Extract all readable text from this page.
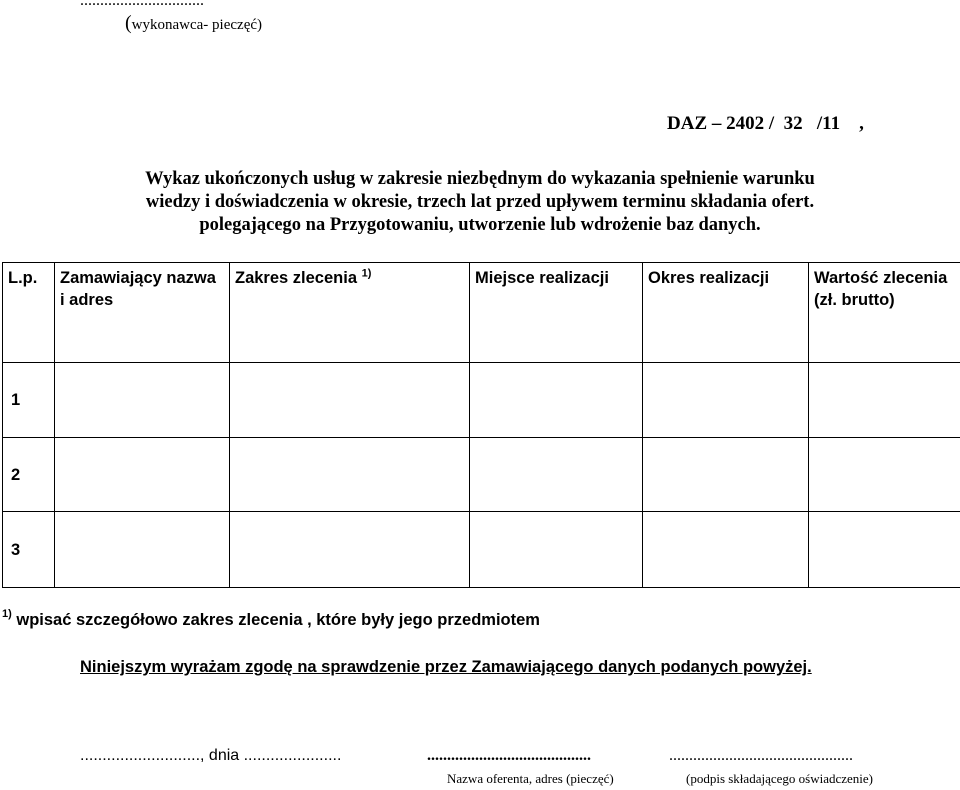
...............................
(wykonawca- pieczęć)
DAZ – 2402 /  32   /11    ,
Wykaz ukończonych usług w zakresie niezbędnym do wykazania spełnienie warunku
wiedzy i doświadczenia w okresie, trzech lat przed upływem terminu składania ofert.
polegającego na Przygotowaniu, utworzenie lub wdrożenie baz danych.
L.p.	Zamawiający nazwa i adres	Zakres zlecenia $^{1)}$	Miejsce realizacji	Okres realizacji	Wartość zlecenia (zł. brutto)
1					
2					
3					
$^{1)}$ wpisać szczegółowo zakres zlecenia , które były jego przedmiotem
Niniejszym wyrażam zgodę na sprawdzenie przez Zamawiającego danych podanych powyżej.
..........................., dnia ......................	.........................................	..............................................
Nazwa oferenta, adres (pieczęć)	(podpis składającego oświadczenie)
